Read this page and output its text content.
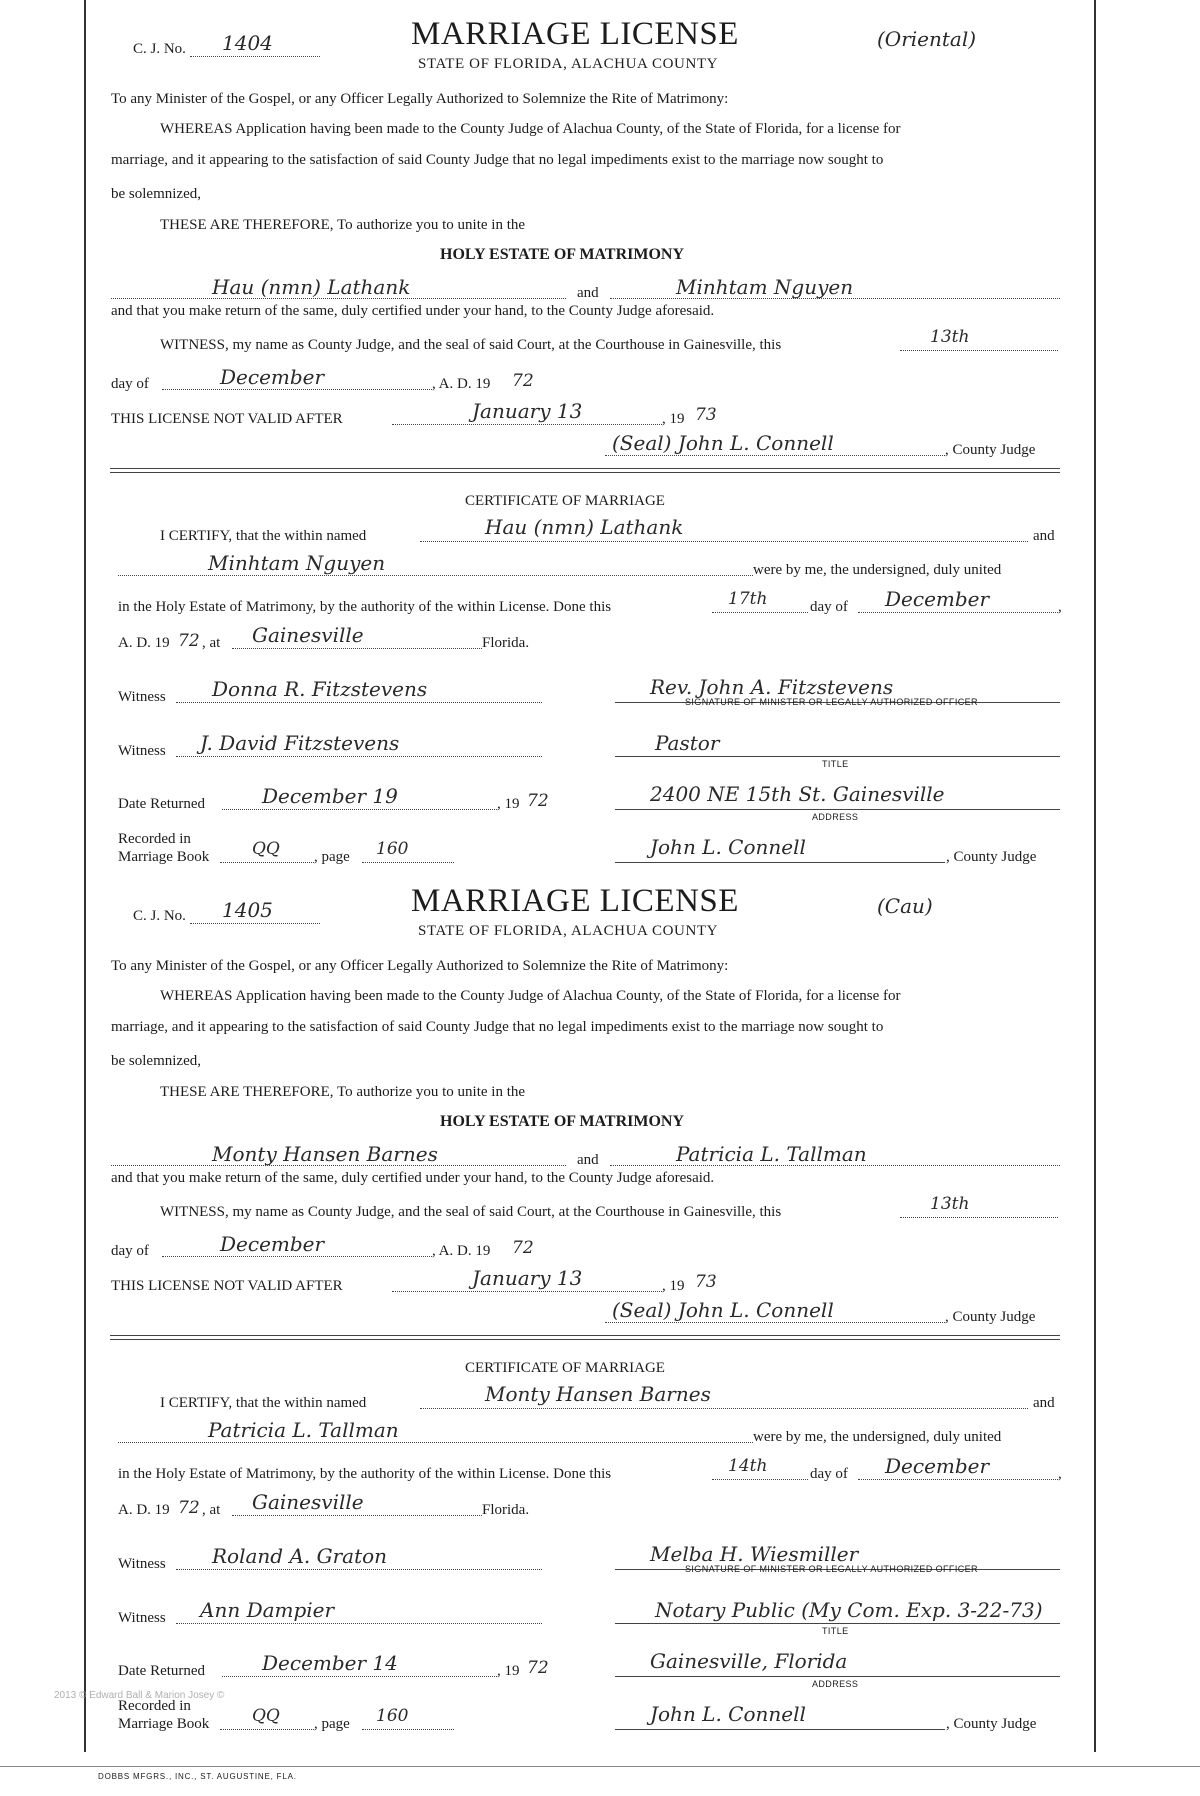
C. J. No. 1404	MARRIAGE LICENSE
STATE OF FLORIDA, ALACHUA COUNTY
(Oriental)
To any Minister of the Gospel, or any Officer Legally Authorized to Solemnize the Rite of Matrimony:
WHEREAS Application having been made to the County Judge of Alachua County, of the State of Florida, for a license for
marriage, and it appearing to the satisfaction of said County Judge that no legal impediments exist to the marriage now sought to
be solemnized,
THESE ARE THEREFORE, To authorize you to unite in the
HOLY ESTATE OF MATRIMONY
Hau (nmn) Lathank	and	Minhtam Nguyen
and that you make return of the same, duly certified under your hand, to the County Judge aforesaid.
WITNESS, my name as County Judge, and the seal of said Court, at the Courthouse in Gainesville, this	13th
day of	December	, A. D. 19 72
THIS LICENSE NOT VALID AFTER	January 13	, 19 73
(Seal) John L. Connell	, County Judge
CERTIFICATE OF MARRIAGE
I CERTIFY, that the within named	Hau (nmn) Lathank	and
Minhtam Nguyen	were by me, the undersigned, duly united
in the Holy Estate of Matrimony, by the authority of the within License. Done this	17th	day of December	,
A. D. 19 72 , at Gainesville	Florida.
Witness Donna R. Fitzstevens	Rev. John A. Fitzstevens
SIGNATURE OF MINISTER OR LEGALLY AUTHORIZED OFFICER
Witness J. David Fitzstevens	Pastor
TITLE
Date Returned	December 19	, 19 72	2400 NE 15th St. Gainesville
ADDRESS
Recorded in
Marriage Book	QQ , page 160	John L. Connell	, County Judge
C. J. No. 1405	MARRIAGE LICENSE
STATE OF FLORIDA, ALACHUA COUNTY
(Cau)
To any Minister of the Gospel, or any Officer Legally Authorized to Solemnize the Rite of Matrimony:
WHEREAS Application having been made to the County Judge of Alachua County, of the State of Florida, for a license for
marriage, and it appearing to the satisfaction of said County Judge that no legal impediments exist to the marriage now sought to
be solemnized,
THESE ARE THEREFORE, To authorize you to unite in the
HOLY ESTATE OF MATRIMONY
Monty Hansen Barnes	and	Patricia L. Tallman
and that you make return of the same, duly certified under your hand, to the County Judge aforesaid.
WITNESS, my name as County Judge, and the seal of said Court, at the Courthouse in Gainesville, this	13th
day of	December	, A. D. 19 72
THIS LICENSE NOT VALID AFTER	January 13	, 19 73
(Seal) John L. Connell	, County Judge
CERTIFICATE OF MARRIAGE
I CERTIFY, that the within named	Monty Hansen Barnes	and
Patricia L. Tallman	were by me, the undersigned, duly united
in the Holy Estate of Matrimony, by the authority of the within License. Done this	14th	day of December	,
A. D. 19 72 , at Gainesville	Florida.
Witness Roland A. Graton	Melba H. Wiesmiller
SIGNATURE OF MINISTER OR LEGALLY AUTHORIZED OFFICER
Witness Ann Dampier	Notary Public (My Com. Exp. 3-22-73)
TITLE
Date Returned	December 14	, 19 72	Gainesville, Florida
ADDRESS
Recorded in
Marriage Book	QQ , page 160	John L. Connell	, County Judge
2013 © Edward Ball & Marion Josey ©
DOBBS MFGRS., INC., ST. AUGUSTINE, FLA.
